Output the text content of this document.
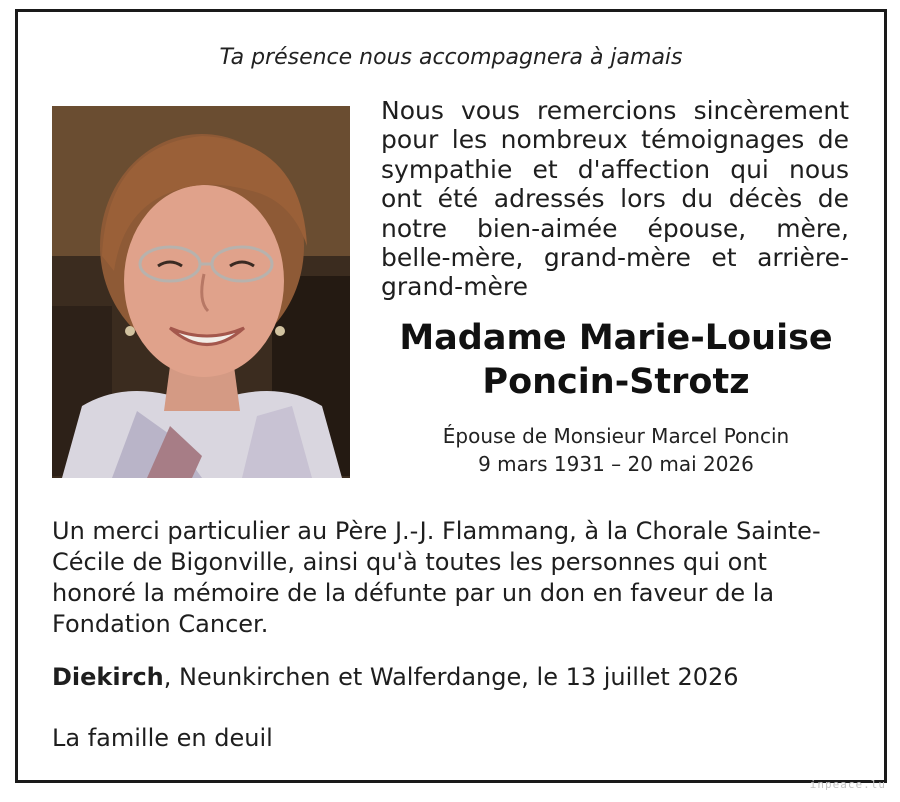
Ta présence nous accompagnera à jamais
Nous vous remercions sincèrement
pour les nombreux témoignages de
sympathie et d'affection qui nous
ont été adressés lors du décès de
notre bien-aimée épouse, mère,
belle-mère, grand-mère et arrière-
grand-mère
Madame Marie-Louise
Poncin-Strotz
Épouse de Monsieur Marcel Poncin
9 mars 1931 – 20 mai 2026
Un merci particulier au Père J.-J. Flammang, à la Chorale Sainte-Cécile de Bigonville, ainsi qu'à toutes les personnes qui ont honoré la mémoire de la défunte par un don en faveur de la Fondation Cancer.
Diekirch, Neunkirchen et Walferdange, le 13 juillet 2026
La famille en deuil
inpeace.lu
